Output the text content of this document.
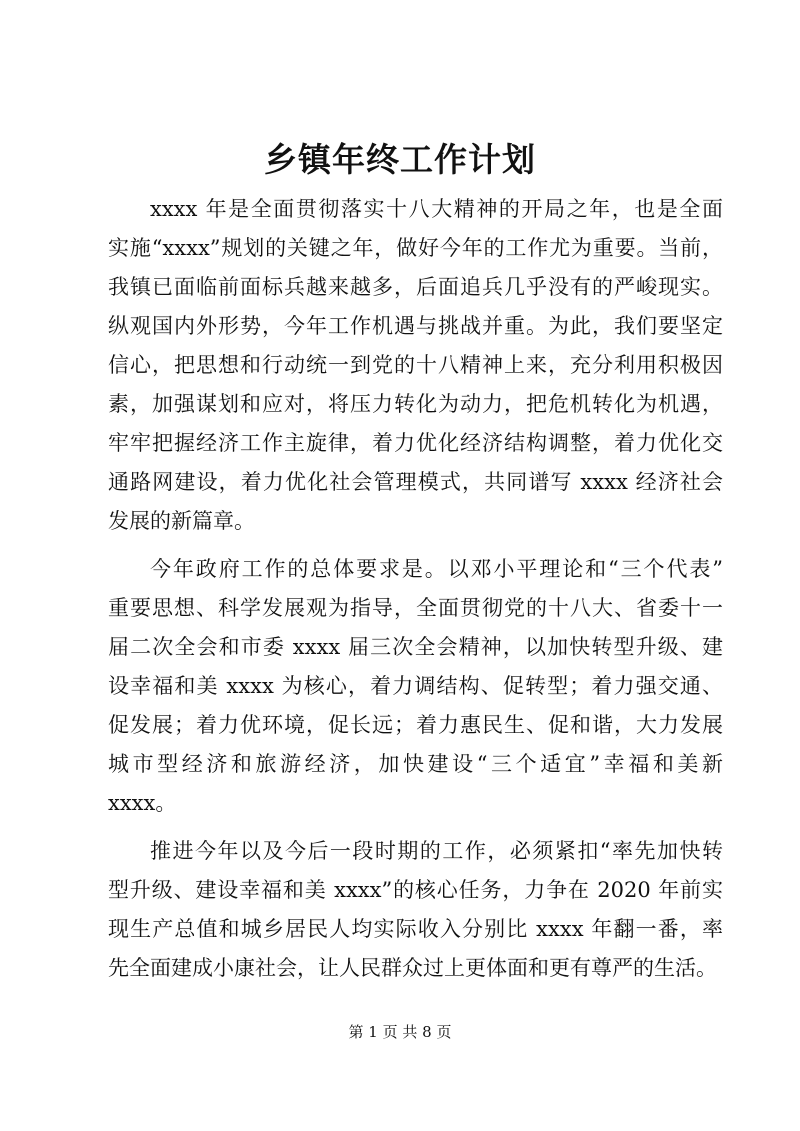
乡镇年终工作计划

xxxx 年是全面贯彻落实十八大精神的开局之年，也是全面
实施“xxxx”规划的关键之年，做好今年的工作尤为重要。当前，
我镇已面临前面标兵越来越多，后面追兵几乎没有的严峻现实。
纵观国内外形势，今年工作机遇与挑战并重。为此，我们要坚定
信心，把思想和行动统一到党的十八精神上来，充分利用积极因
素，加强谋划和应对，将压力转化为动力，把危机转化为机遇，
牢牢把握经济工作主旋律，着力优化经济结构调整，着力优化交
通路网建设，着力优化社会管理模式，共同谱写 xxxx 经济社会
发展的新篇章。

今年政府工作的总体要求是。以邓小平理论和“三个代表”
重要思想、科学发展观为指导，全面贯彻党的十八大、省委十一
届二次全会和市委 xxxx 届三次全会精神，以加快转型升级、建
设幸福和美 xxxx 为核心，着力调结构、促转型；着力强交通、
促发展；着力优环境，促长远；着力惠民生、促和谐，大力发展
城市型经济和旅游经济，加快建设“三个适宜”幸福和美新
xxxx。

推进今年以及今后一段时期的工作，必须紧扣“率先加快转
型升级、建设幸福和美 xxxx”的核心任务，力争在 2020 年前实
现生产总值和城乡居民人均实际收入分别比 xxxx 年翻一番，率
先全面建成小康社会，让人民群众过上更体面和更有尊严的生活。

第 1 页 共 8 页
